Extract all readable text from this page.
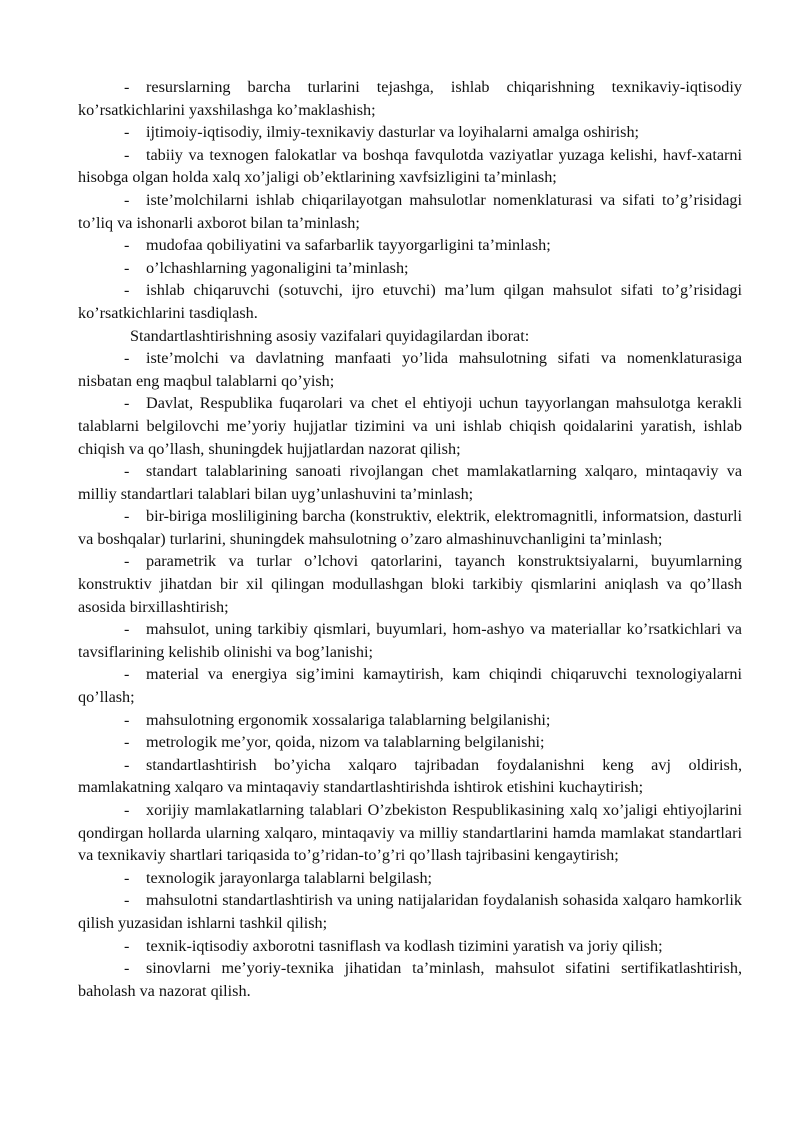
- resurslarning barcha turlarini tejashga, ishlab chiqarishning texnikaviy-iqtisodiy ko’rsatkichlarini yaxshilashga ko’maklashish;

- ijtimoiy-iqtisodiy, ilmiy-texnikaviy dasturlar va loyihalarni amalga oshirish;

- tabiiy va texnogen falokatlar va boshqa favqulotda vaziyatlar yuzaga kelishi, havf-xatarni hisobga olgan holda xalq xo’jaligi ob’ektlarining xavfsizligini ta’minlash;

- iste’molchilarni ishlab chiqarilayotgan mahsulotlar nomenklaturasi va sifati to’g’risidagi to’liq va ishonarli axborot bilan ta’minlash;

- mudofaa qobiliyatini va safarbarlik tayyorgarligini ta’minlash;

- o’lchashlarning yagonaligini ta’minlash;

- ishlab chiqaruvchi (sotuvchi, ijro etuvchi) ma’lum qilgan mahsulot sifati to’g’risidagi ko’rsatkichlarini tasdiqlash.

Standartlashtirishning asosiy vazifalari quyidagilardan iborat:

- iste’molchi va davlatning manfaati yo’lida mahsulotning sifati va nomenklaturasiga nisbatan eng maqbul talablarni qo’yish;

- Davlat, Respublika fuqarolari va chet el ehtiyoji uchun tayyorlangan mahsulotga kerakli talablarni belgilovchi me’yoriy hujjatlar tizimini va uni ishlab chiqish qoidalarini yaratish, ishlab chiqish va qo’llash, shuningdek hujjatlardan nazorat qilish;

- standart talablarining sanoati rivojlangan chet mamlakatlarning xalqaro, mintaqaviy va milliy standartlari talablari bilan uyg’unlashuvini ta’minlash;

- bir-biriga mosliligining barcha (konstruktiv, elektrik, elektromagnitli, informatsion, dasturli va boshqalar) turlarini, shuningdek mahsulotning o’zaro almashinuvchanligini ta’minlash;

- parametrik va turlar o’lchovi qatorlarini, tayanch konstruktsiyalarni, buyumlarning konstruktiv jihatdan bir xil qilingan modullashgan bloki tarkibiy qismlarini aniqlash va qo’llash asosida birxillashtirish;

- mahsulot, uning tarkibiy qismlari, buyumlari, hom-ashyo va materiallar ko’rsatkichlari va tavsiflarining kelishib olinishi va bog’lanishi;

- material va energiya sig’imini kamaytirish, kam chiqindi chiqaruvchi texnologiyalarni qo’llash;

- mahsulotning ergonomik xossalariga talablarning belgilanishi;

- metrologik me’yor, qoida, nizom va talablarning belgilanishi;

- standartlashtirish bo’yicha xalqaro tajribadan foydalanishni keng avj oldirish, mamlakatning xalqaro va mintaqaviy standartlashtirishda ishtirok etishini kuchaytirish;

- xorijiy mamlakatlarning talablari O’zbekiston Respublikasining xalq xo’jaligi ehtiyojlarini qondirgan hollarda ularning xalqaro, mintaqaviy va milliy standartlarini hamda mamlakat standartlari va texnikaviy shartlari tariqasida to’g’ridan-to’g’ri qo’llash tajribasini kengaytirish;

- texnologik jarayonlarga talablarni belgilash;

- mahsulotni standartlashtirish va uning natijalaridan foydalanish sohasida xalqaro hamkorlik qilish yuzasidan ishlarni tashkil qilish;

- texnik-iqtisodiy axborotni tasniflash va kodlash tizimini yaratish va joriy qilish;

- sinovlarni me’yoriy-texnika jihatidan ta’minlash, mahsulot sifatini sertifikatlashtirish, baholash va nazorat qilish.
